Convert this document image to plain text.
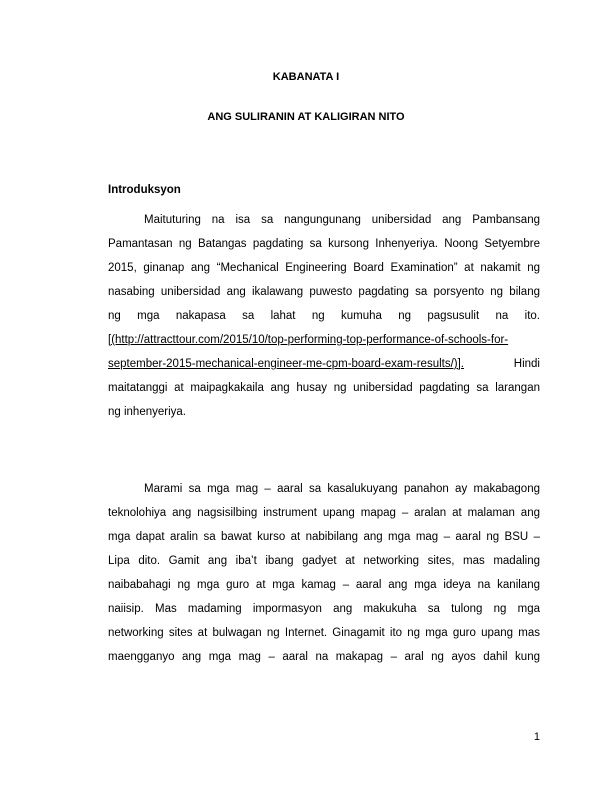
KABANATA I
ANG SULIRANIN AT KALIGIRAN NITO
Introduksyon
Maituturing na isa sa nangungunang unibersidad ang Pambansang
Pamantasan ng Batangas pagdating sa kursong Inhenyeriya. Noong Setyembre
2015, ginanap ang “Mechanical Engineering Board Examination” at nakamit ng
nasabing unibersidad ang ikalawang puwesto pagdating sa porsyento ng bilang
ng mga nakapasa sa lahat ng kumuha ng pagsusulit na ito.
[(http://attracttour.com/2015/10/top-performing-top-performance-of-schools-for-
september-2015-mechanical-engineer-me-cpm-board-exam-results/)].	Hindi
maitatanggi at maipagkakaila ang husay ng unibersidad pagdating sa larangan
ng inhenyeriya.
Marami sa mga mag – aaral sa kasalukuyang panahon ay makabagong
teknolohiya ang nagsisilbing instrument upang mapag – aralan at malaman ang
mga dapat aralin sa bawat kurso at nabibilang ang mga mag – aaral ng BSU –
Lipa dito. Gamit ang iba’t ibang gadyet at networking sites, mas madaling
naibabahagi ng mga guro at mga kamag – aaral ang mga ideya na kanilang
naiisip. Mas madaming impormasyon ang makukuha sa tulong ng mga
networking sites at bulwagan ng Internet. Ginagamit ito ng mga guro upang mas
maengganyo ang mga mag – aaral na makapag – aral ng ayos dahil kung
1
